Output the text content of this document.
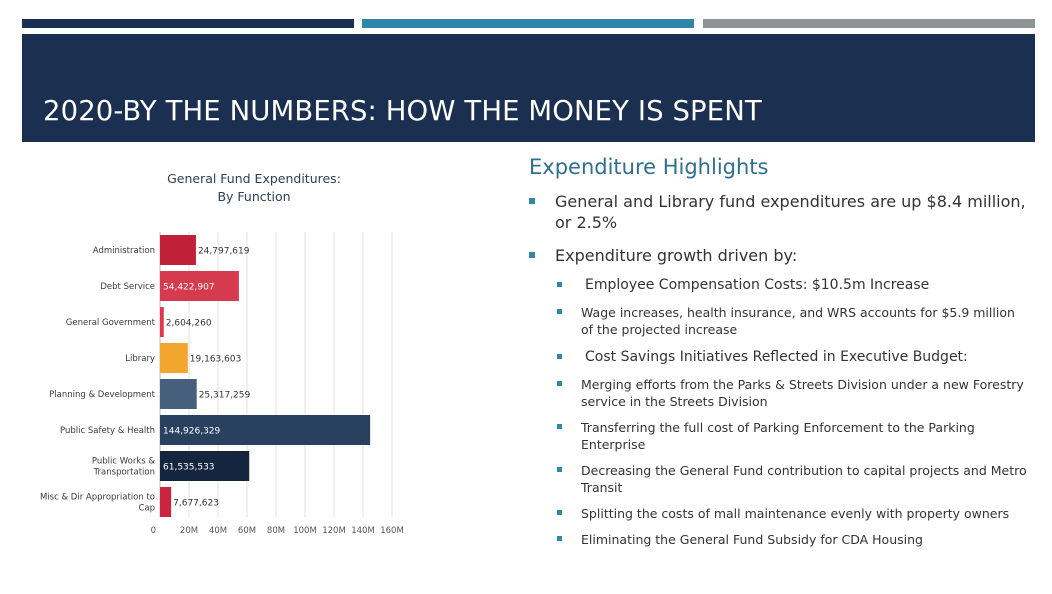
2020-BY THE NUMBERS: HOW THE MONEY IS SPENT
General Fund Expenditures:
By Function
Administration	24,797,619
Debt Service 54,422,907
General Government 2,604,260
Library	19,163,603
Planning & Development	25,317,259
Public Safety & Health 144,926,329
Public Works &
Transportation 61,535,533
Misc & Dir Appropriation to
Cap 7,677,623
0	20M 40M 60M 80M 100M 120M 140M 160M
Expenditure Highlights
General and Library fund expenditures are up $8.4 million, or 2.5%
Expenditure growth driven by:
Employee Compensation Costs: $10.5m Increase
Wage increases, health insurance, and WRS accounts for $5.9 million of the projected increase
Cost Savings Initiatives Reflected in Executive Budget:
Merging efforts from the Parks & Streets Division under a new Forestry service in the Streets Division
Transferring the full cost of Parking Enforcement to the Parking Enterprise
Decreasing the General Fund contribution to capital projects and Metro Transit
Splitting the costs of mall maintenance evenly with property owners
Eliminating the General Fund Subsidy for CDA Housing
